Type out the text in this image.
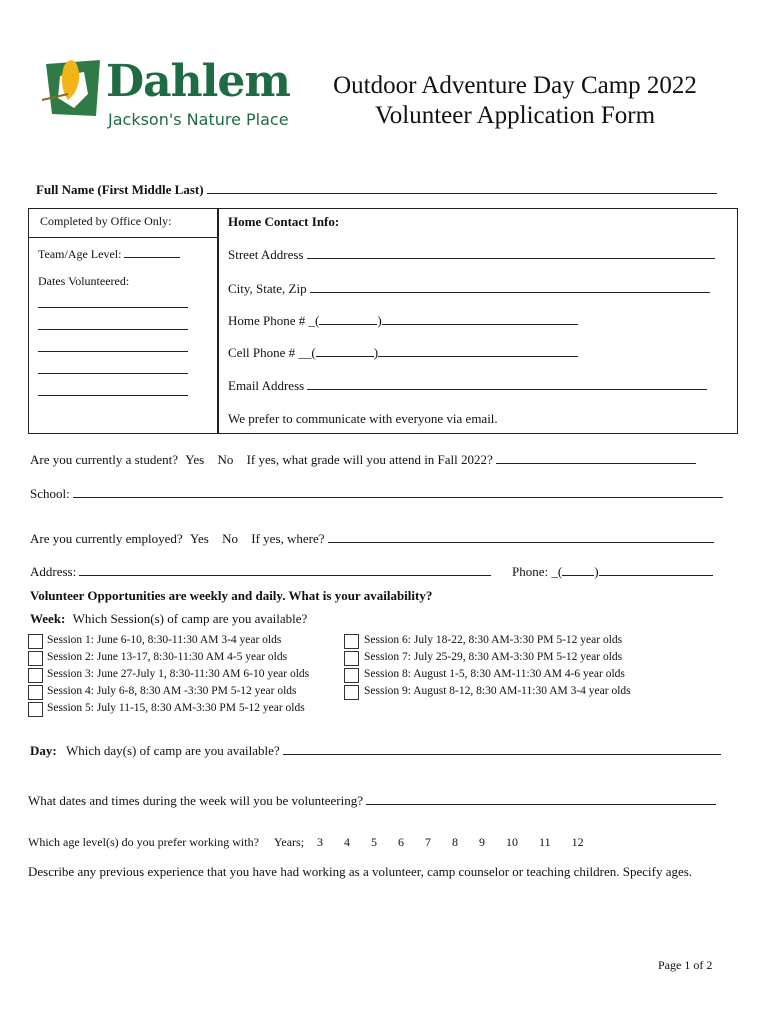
Dahlem
Jackson's Nature Place
Outdoor Adventure Day Camp 2022
Volunteer Application Form
Full Name (First Middle Last)
Completed by Office Only:
Team/Age Level:
Dates Volunteered:
Home Contact Info:
Street Address
City, State, Zip
Home Phone # _(	)
Cell Phone # __(	)
Email Address
We prefer to communicate with everyone via email.
Are you currently a student? Yes No If yes, what grade will you attend in Fall 2022?
School:
Are you currently employed? Yes No If yes, where?
Address:	Phone: _( )
Volunteer Opportunities are weekly and daily. What is your availability?
Week: Which Session(s) of camp are you available?
Session 1: June 6-10, 8:30-11:30 AM 3-4 year olds
Session 2: June 13-17, 8:30-11:30 AM 4-5 year olds
Session 3: June 27-July 1, 8:30-11:30 AM 6-10 year olds
Session 4: July 6-8, 8:30 AM -3:30 PM 5-12 year olds
Session 5: July 11-15, 8:30 AM-3:30 PM 5-12 year olds
Session 6: July 18-22, 8:30 AM-3:30 PM 5-12 year olds
Session 7: July 25-29, 8:30 AM-3:30 PM 5-12 year olds
Session 8: August 1-5, 8:30 AM-11:30 AM 4-6 year olds
Session 9: August 8-12, 8:30 AM-11:30 AM 3-4 year olds
Day: Which day(s) of camp are you available?
What dates and times during the week will you be volunteering?
Which age level(s) do you prefer working with? Years; 3 4 5 6 7 8 9 10 11 12
Describe any previous experience that you have had working as a volunteer, camp counselor or teaching children. Specify ages.
Page 1 of 2
